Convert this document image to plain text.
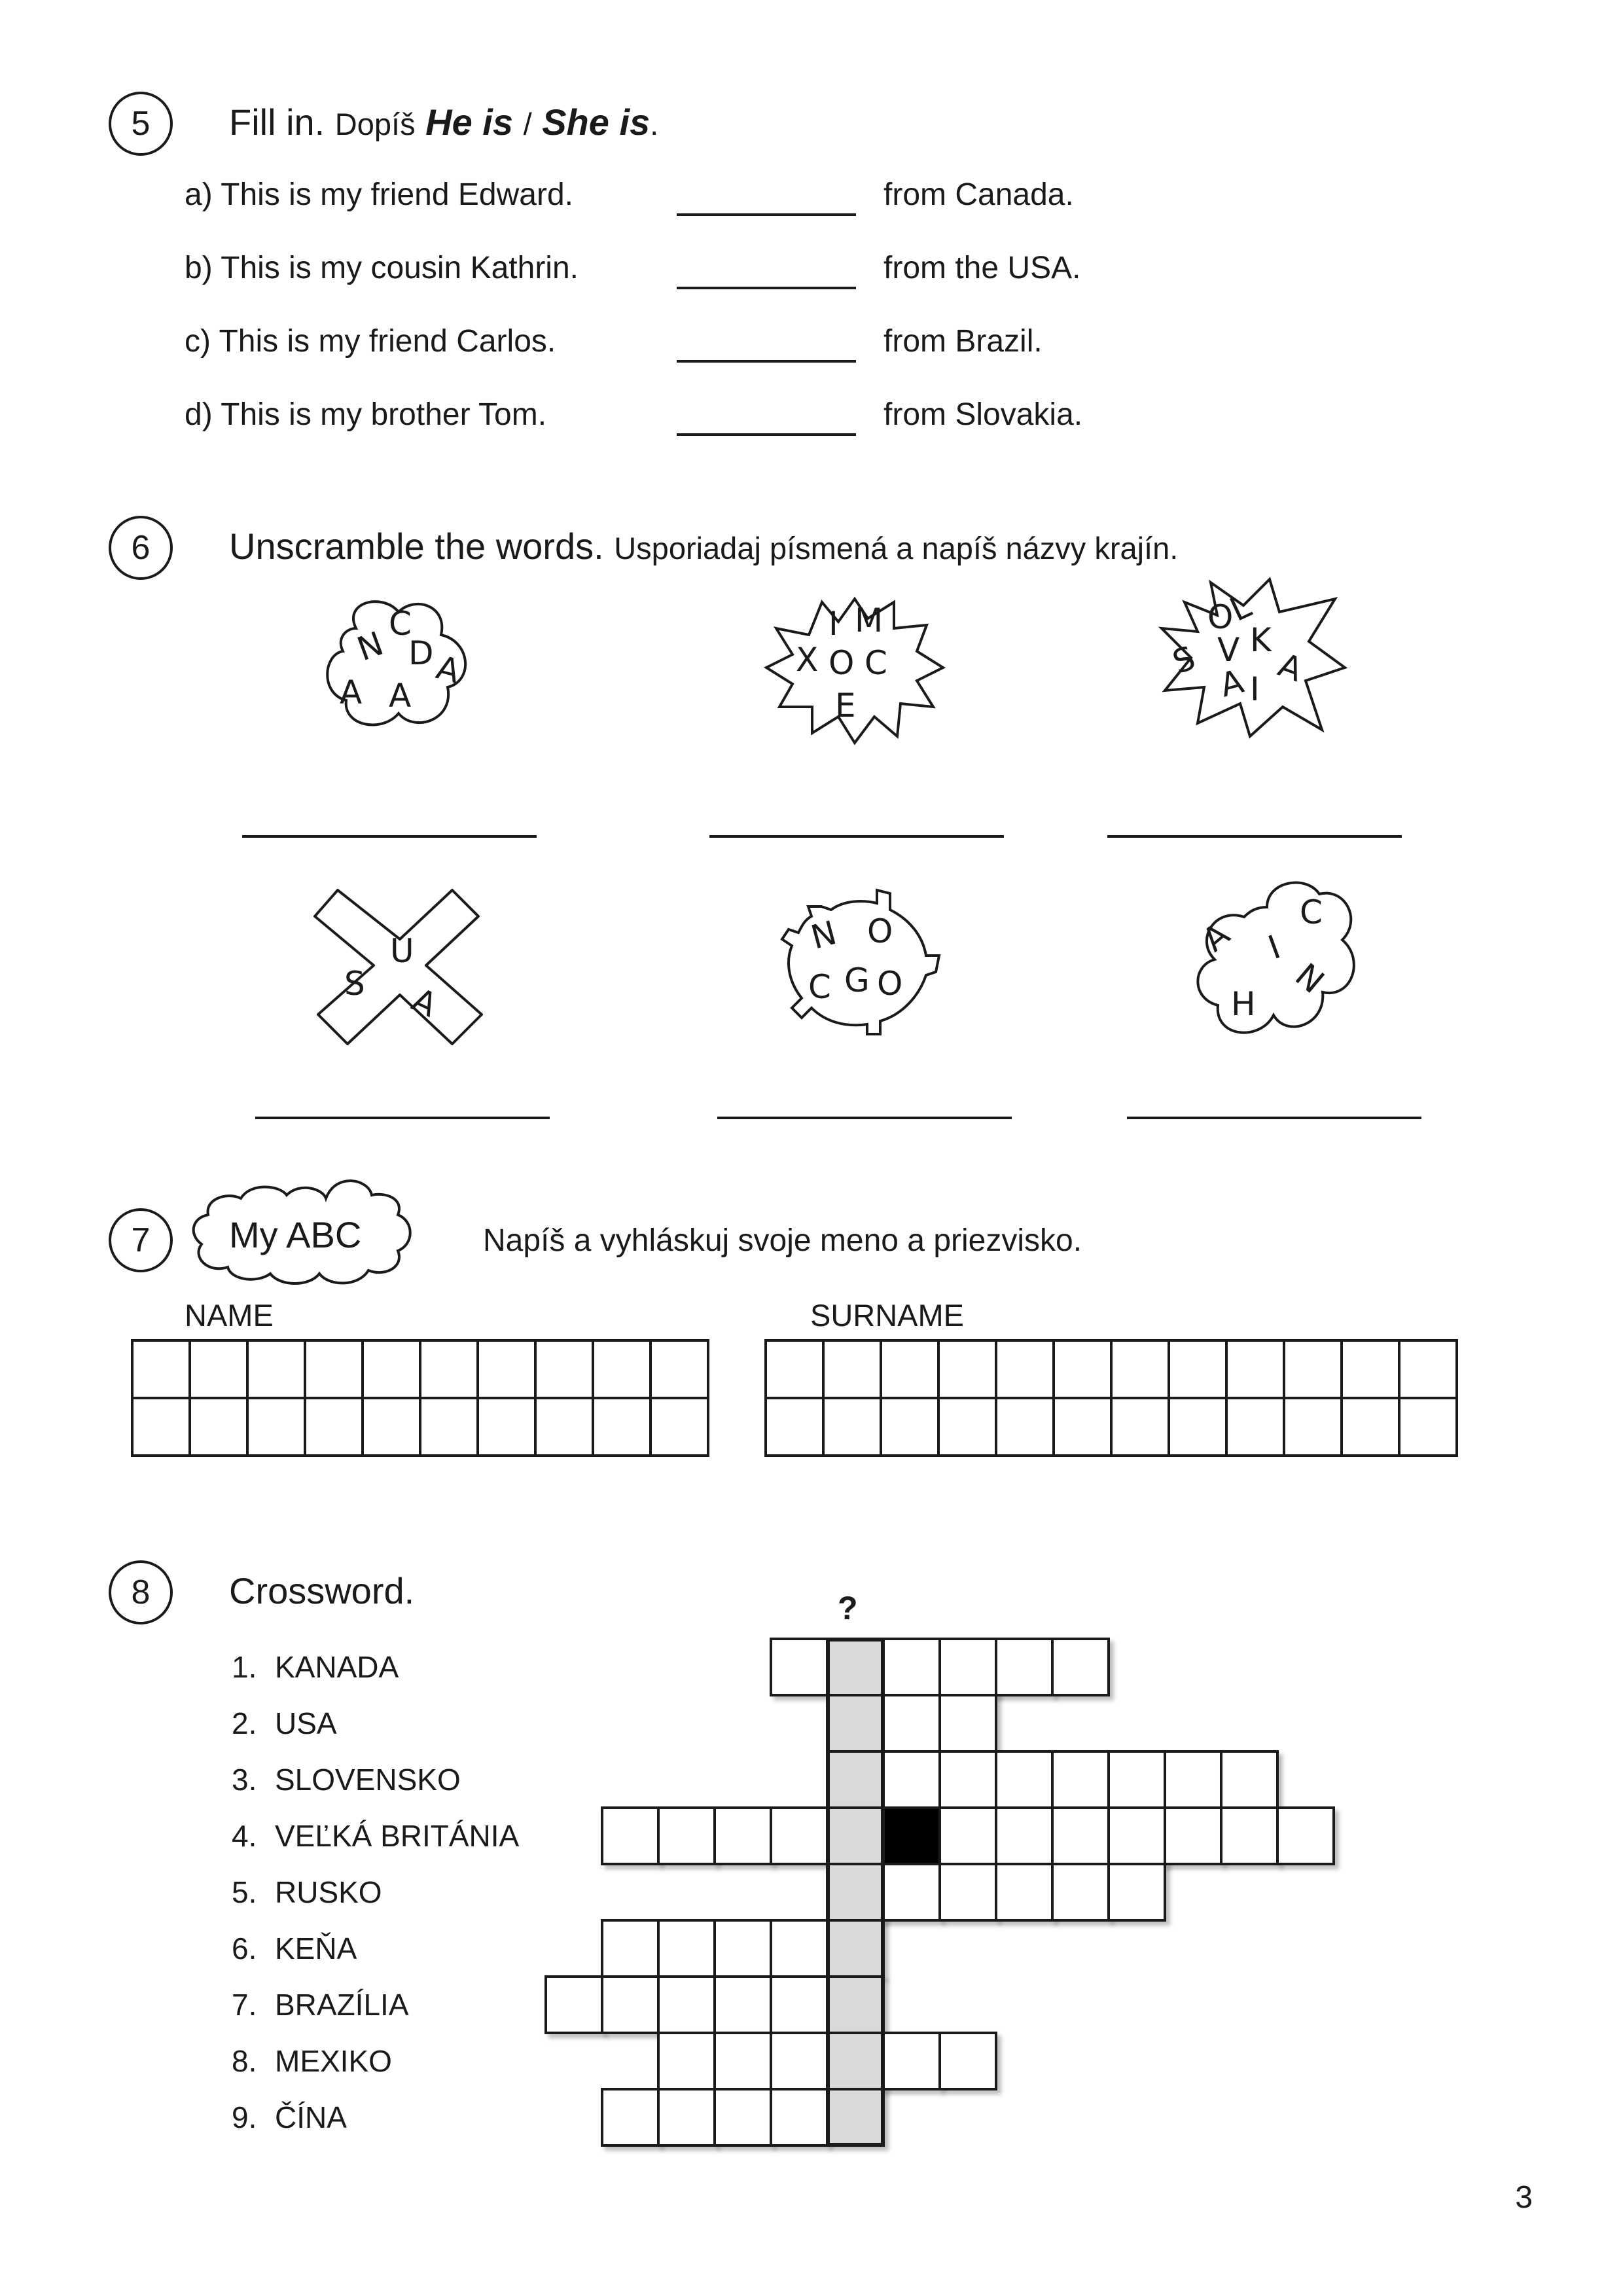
5	Fill in. Dopíš He is / She is.
a) This is my friend Edward.	from Canada.
b) This is my cousin Kathrin.	from the USA.
c) This is my friend Carlos.	from Brazil.
d) This is my brother Tom.	from Slovakia.
6	Unscramble the words. Usporiadaj písmená a napíš názvy krajín.
C
N D
A
A A
I M
X O C
E
O
L
S V K
A
A I
U
S A
N O
C G O
C
A I
N
H
7	My ABC	Napíš a vyhláskuj svoje meno a priezvisko.
NAME	SURNAME

8	Crossword.
1. KANADA
2. USA
3. SLOVENSKO
4. VEĽKÁ BRITÁNIA
5. RUSKO
6. KEŇA
7. BRAZÍLIA
8. MEXIKO
9. ČÍNA
?
3
